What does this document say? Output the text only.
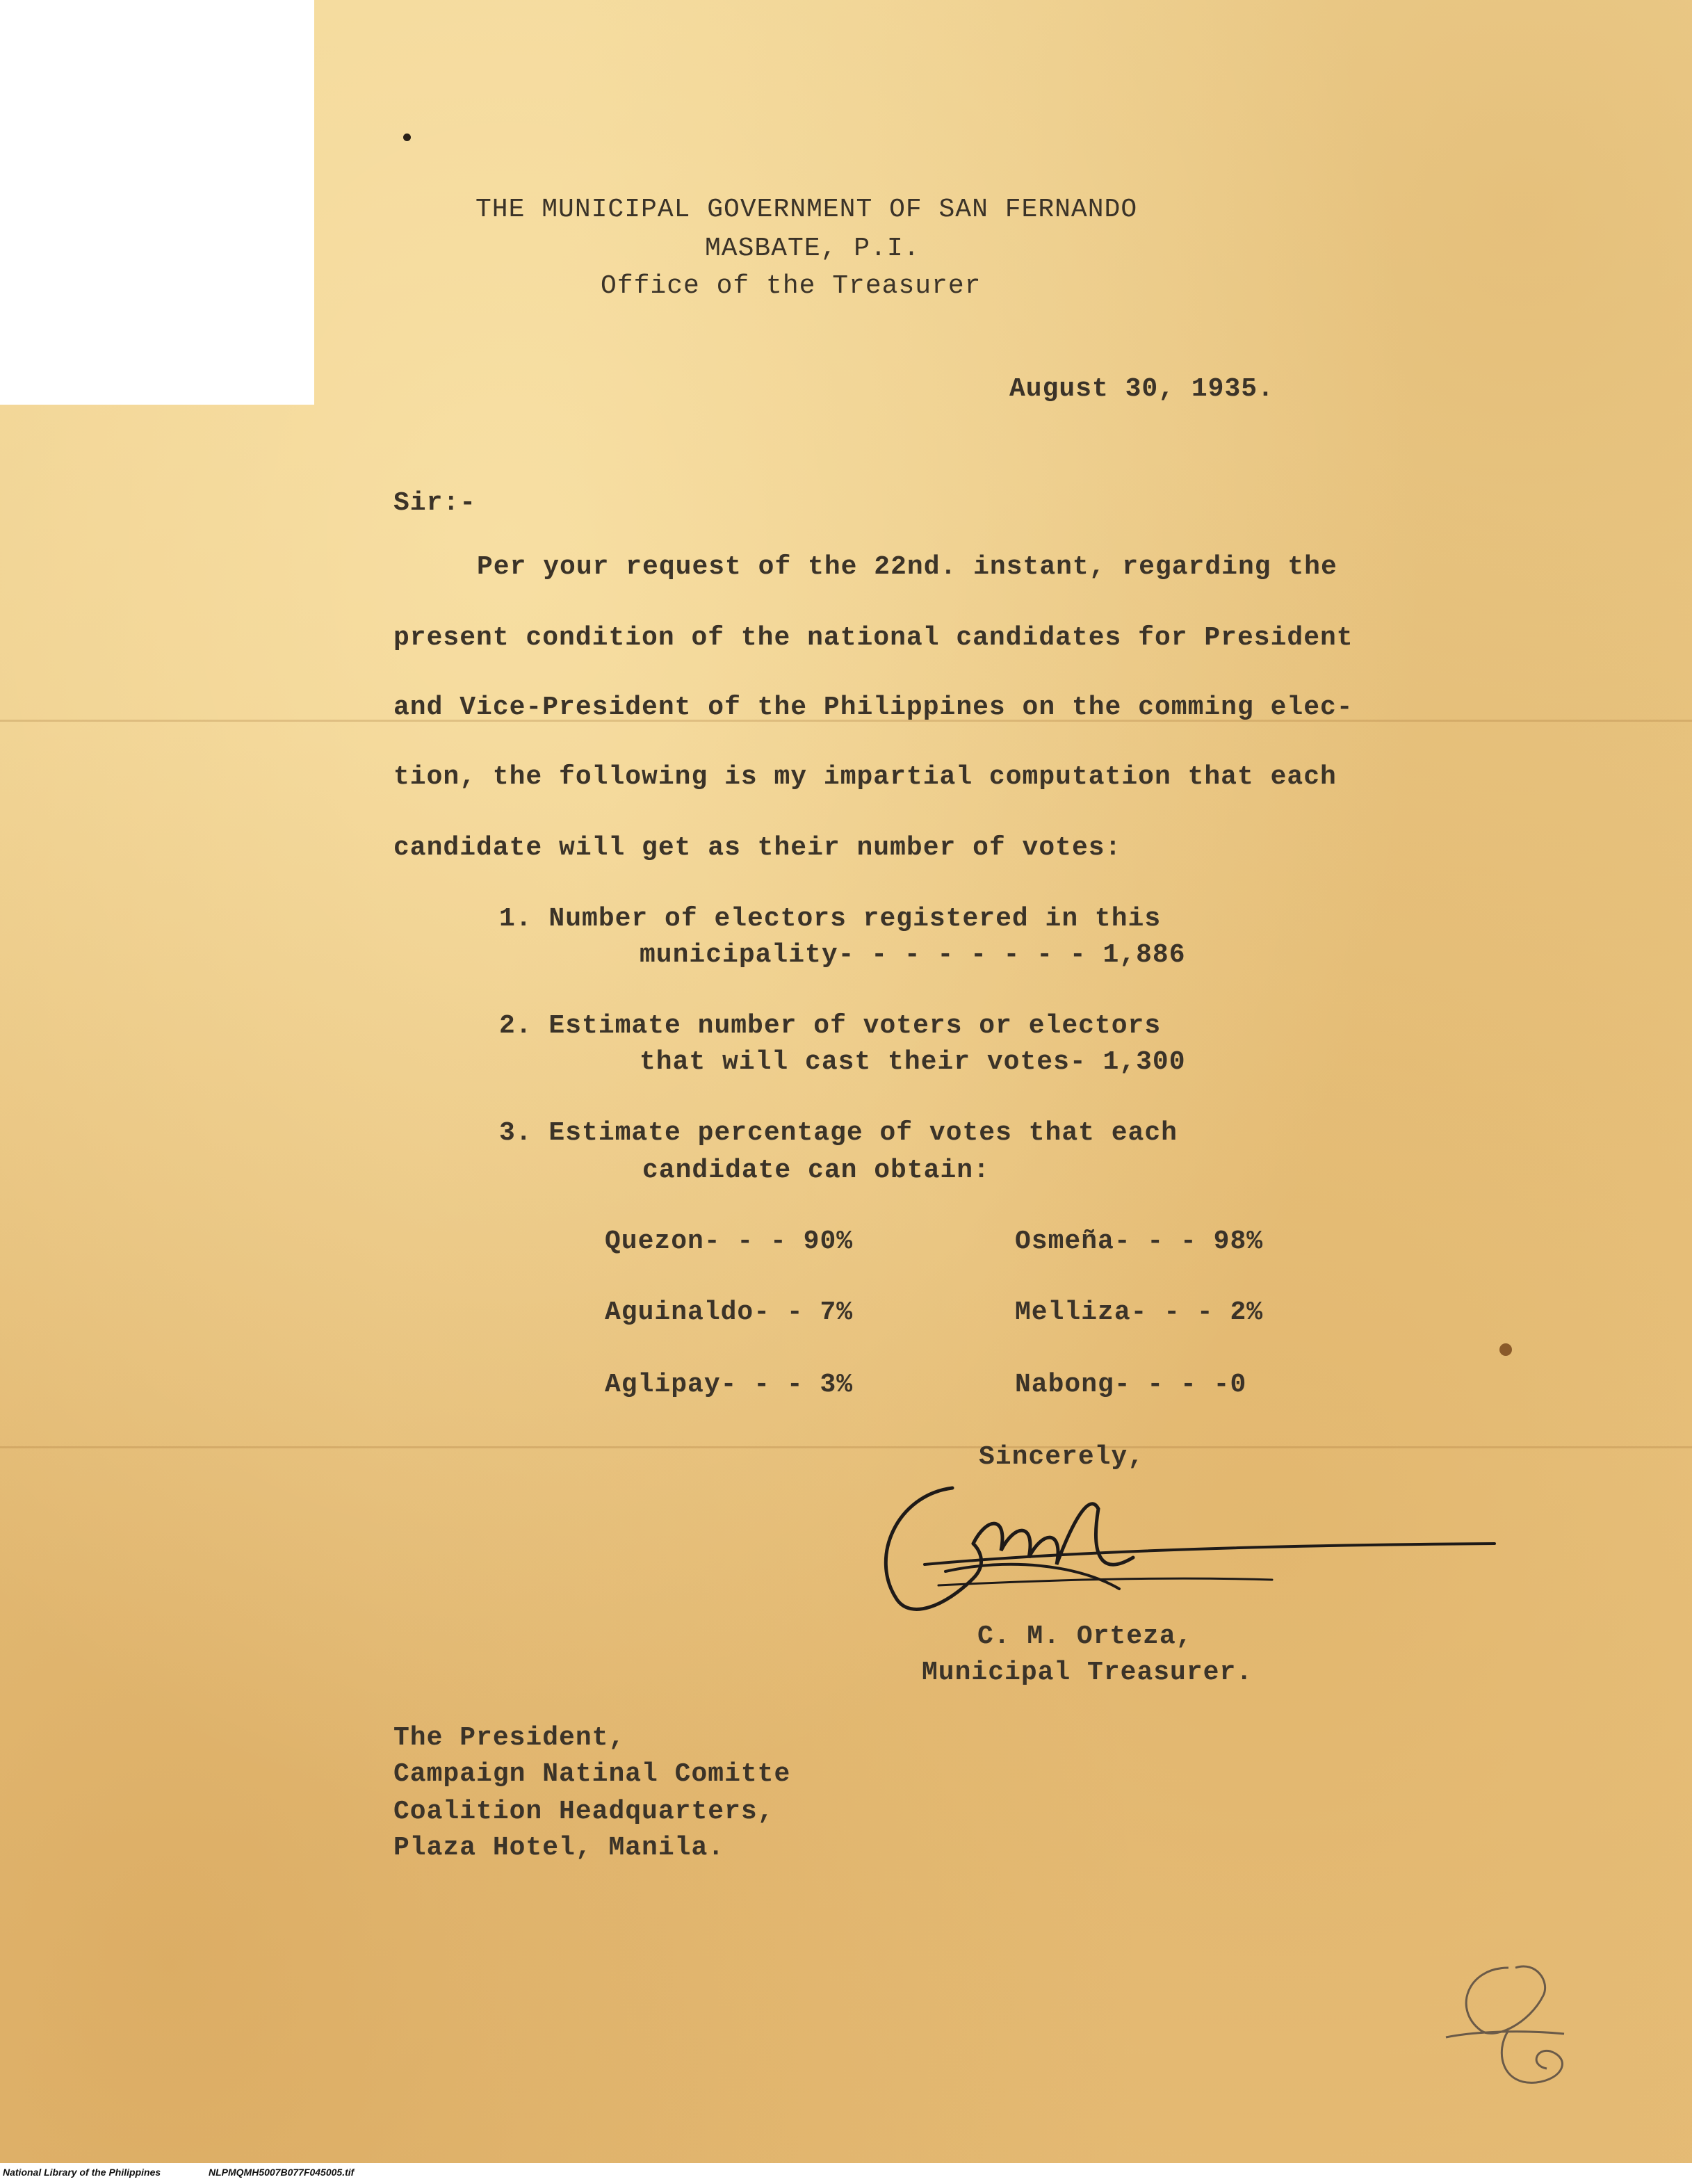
THE MUNICIPAL GOVERNMENT OF SAN FERNANDO
MASBATE, P.I.
Office of the Treasurer
August 30, 1935.
Sir:-
Per your request of the 22nd. instant, regarding the
present condition of the national candidates for President
and Vice-President of the Philippines on the comming elec-
tion, the following is my impartial computation that each
candidate will get as their number of votes:
1. Number of electors registered in this
municipality- - - - - - - - 1,886
2. Estimate number of voters or electors
that will cast their votes- 1,300
3. Estimate percentage of votes that each
candidate can obtain:
Quezon- - - 90%
Aguinaldo- - 7%
Aglipay- - - 3%
Osmeña- - - 98%
Melliza- - - 2%
Nabong- - - -0
Sincerely,
C. M. Orteza,
Municipal Treasurer.
The President,
Campaign Natinal Comitte
Coalition Headquarters,
Plaza Hotel, Manila.
National Library of the Philippines	NLPMQMH5007B077F045005.tif
